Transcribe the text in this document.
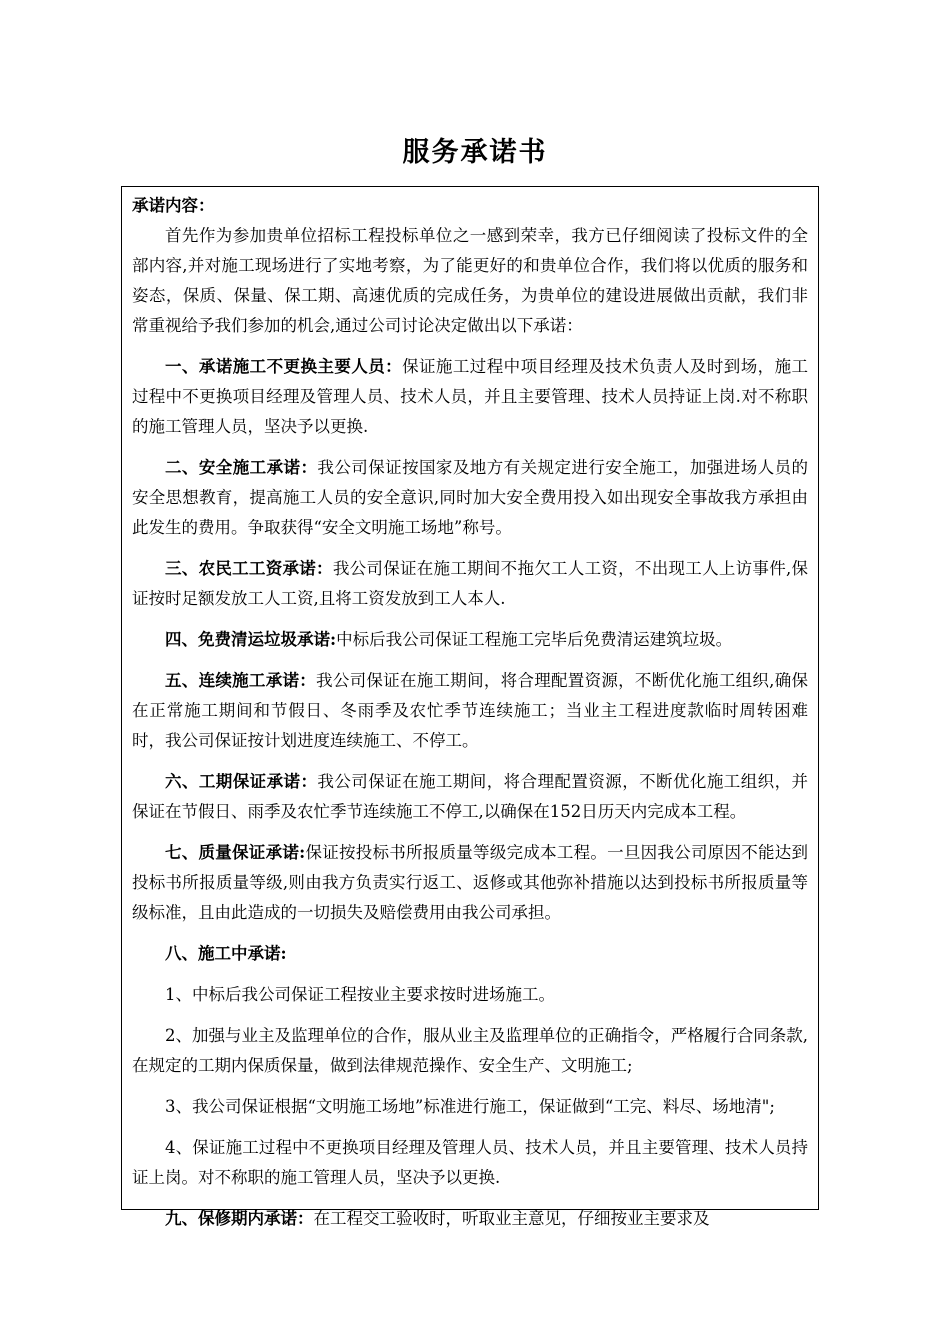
服务承诺书

承诺内容：

首先作为参加贵单位招标工程投标单位之一感到荣幸，我方已仔细阅读了投标文件的全部内容,并对施工现场进行了实地考察，为了能更好的和贵单位合作，我们将以优质的服务和姿态，保质、保量、保工期、高速优质的完成任务，为贵单位的建设进展做出贡献，我们非常重视给予我们参加的机会,通过公司讨论决定做出以下承诺：

一、承诺施工不更换主要人员：保证施工过程中项目经理及技术负责人及时到场，施工过程中不更换项目经理及管理人员、技术人员，并且主要管理、技术人员持证上岗.对不称职的施工管理人员，坚决予以更换.

二、安全施工承诺：我公司保证按国家及地方有关规定进行安全施工，加强进场人员的安全思想教育，提高施工人员的安全意识,同时加大安全费用投入如出现安全事故我方承担由此发生的费用。争取获得“安全文明施工场地”称号。

三、农民工工资承诺：我公司保证在施工期间不拖欠工人工资，不出现工人上访事件,保证按时足额发放工人工资,且将工资发放到工人本人.

四、免费清运垃圾承诺:中标后我公司保证工程施工完毕后免费清运建筑垃圾。

五、连续施工承诺：我公司保证在施工期间，将合理配置资源，不断优化施工组织,确保在正常施工期间和节假日、冬雨季及农忙季节连续施工；当业主工程进度款临时周转困难时，我公司保证按计划进度连续施工、不停工。

六、工期保证承诺：我公司保证在施工期间，将合理配置资源，不断优化施工组织，并保证在节假日、雨季及农忙季节连续施工不停工,以确保在152日历天内完成本工程。

七、质量保证承诺:保证按投标书所报质量等级完成本工程。一旦因我公司原因不能达到投标书所报质量等级,则由我方负责实行返工、返修或其他弥补措施以达到投标书所报质量等级标准，且由此造成的一切损失及赔偿费用由我公司承担。

八、施工中承诺:

1、中标后我公司保证工程按业主要求按时进场施工。

2、加强与业主及监理单位的合作，服从业主及监理单位的正确指令，严格履行合同条款,在规定的工期内保质保量，做到法律规范操作、安全生产、文明施工;

3、我公司保证根据“文明施工场地”标准进行施工，保证做到“工完、料尽、场地清";

4、保证施工过程中不更换项目经理及管理人员、技术人员，并且主要管理、技术人员持证上岗。对不称职的施工管理人员，坚决予以更换.

九、保修期内承诺：在工程交工验收时，听取业主意见，仔细按业主要求及
